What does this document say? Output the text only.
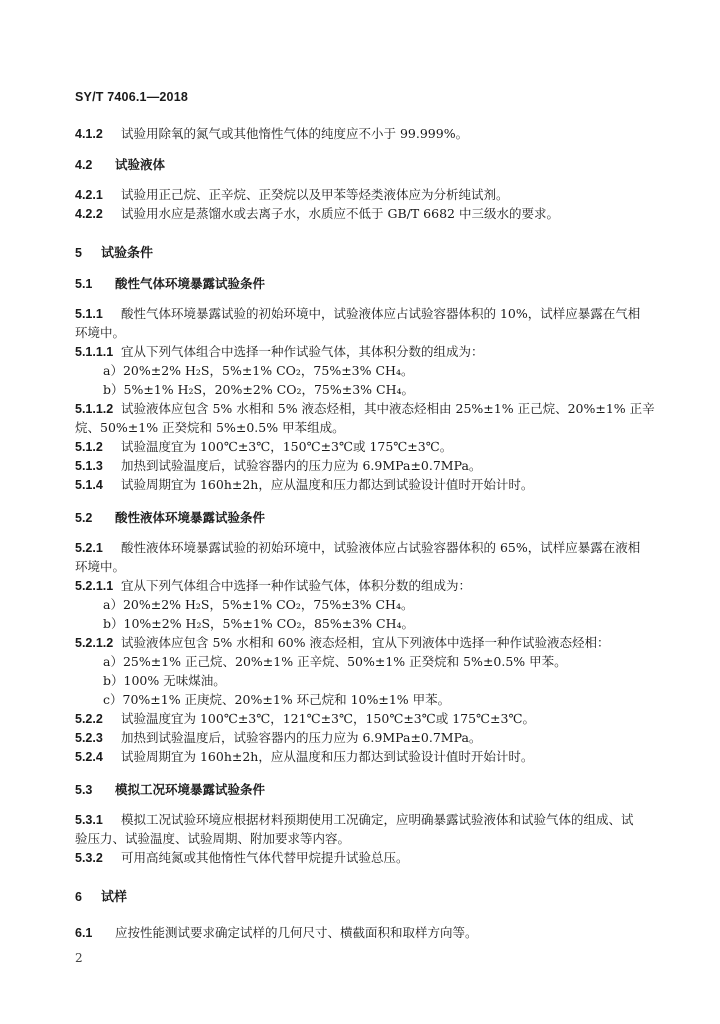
SY/T 7406.1—2018
4.1.2 试验用除氧的氮气或其他惰性气体的纯度应不小于 99.999%。
4.2 试验液体
4.2.1 试验用正己烷、正辛烷、正癸烷以及甲苯等烃类液体应为分析纯试剂。
4.2.2 试验用水应是蒸馏水或去离子水，水质应不低于 GB/T 6682 中三级水的要求。
5 试验条件
5.1 酸性气体环境暴露试验条件
5.1.1 酸性气体环境暴露试验的初始环境中，试验液体应占试验容器体积的 10%，试样应暴露在气相
环境中。
5.1.1.1 宜从下列气体组合中选择一种作试验气体，其体积分数的组成为：
a）20%±2% H₂S，5%±1% CO₂，75%±3% CH₄。
b）5%±1% H₂S，20%±2% CO₂，75%±3% CH₄。
5.1.1.2 试验液体应包含 5% 水相和 5% 液态烃相，其中液态烃相由 25%±1% 正己烷、20%±1% 正辛
烷、50%±1% 正癸烷和 5%±0.5% 甲苯组成。
5.1.2 试验温度宜为 100℃±3℃，150℃±3℃或 175℃±3℃。
5.1.3 加热到试验温度后，试验容器内的压力应为 6.9MPa±0.7MPa。
5.1.4 试验周期宜为 160h±2h，应从温度和压力都达到试验设计值时开始计时。
5.2 酸性液体环境暴露试验条件
5.2.1 酸性液体环境暴露试验的初始环境中，试验液体应占试验容器体积的 65%，试样应暴露在液相
环境中。
5.2.1.1 宜从下列气体组合中选择一种作试验气体，体积分数的组成为：
a）20%±2% H₂S，5%±1% CO₂，75%±3% CH₄。
b）10%±2% H₂S，5%±1% CO₂，85%±3% CH₄。
5.2.1.2 试验液体应包含 5% 水相和 60% 液态烃相，宜从下列液体中选择一种作试验液态烃相：
a）25%±1% 正己烷、20%±1% 正辛烷、50%±1% 正癸烷和 5%±0.5% 甲苯。
b）100% 无味煤油。
c）70%±1% 正庚烷、20%±1% 环己烷和 10%±1% 甲苯。
5.2.2 试验温度宜为 100℃±3℃，121℃±3℃，150℃±3℃或 175℃±3℃。
5.2.3 加热到试验温度后，试验容器内的压力应为 6.9MPa±0.7MPa。
5.2.4 试验周期宜为 160h±2h，应从温度和压力都达到试验设计值时开始计时。
5.3 模拟工况环境暴露试验条件
5.3.1 模拟工况试验环境应根据材料预期使用工况确定，应明确暴露试验液体和试验气体的组成、试
验压力、试验温度、试验周期、附加要求等内容。
5.3.2 可用高纯氮或其他惰性气体代替甲烷提升试验总压。
6 试样
6.1 应按性能测试要求确定试样的几何尺寸、横截面积和取样方向等。
2
